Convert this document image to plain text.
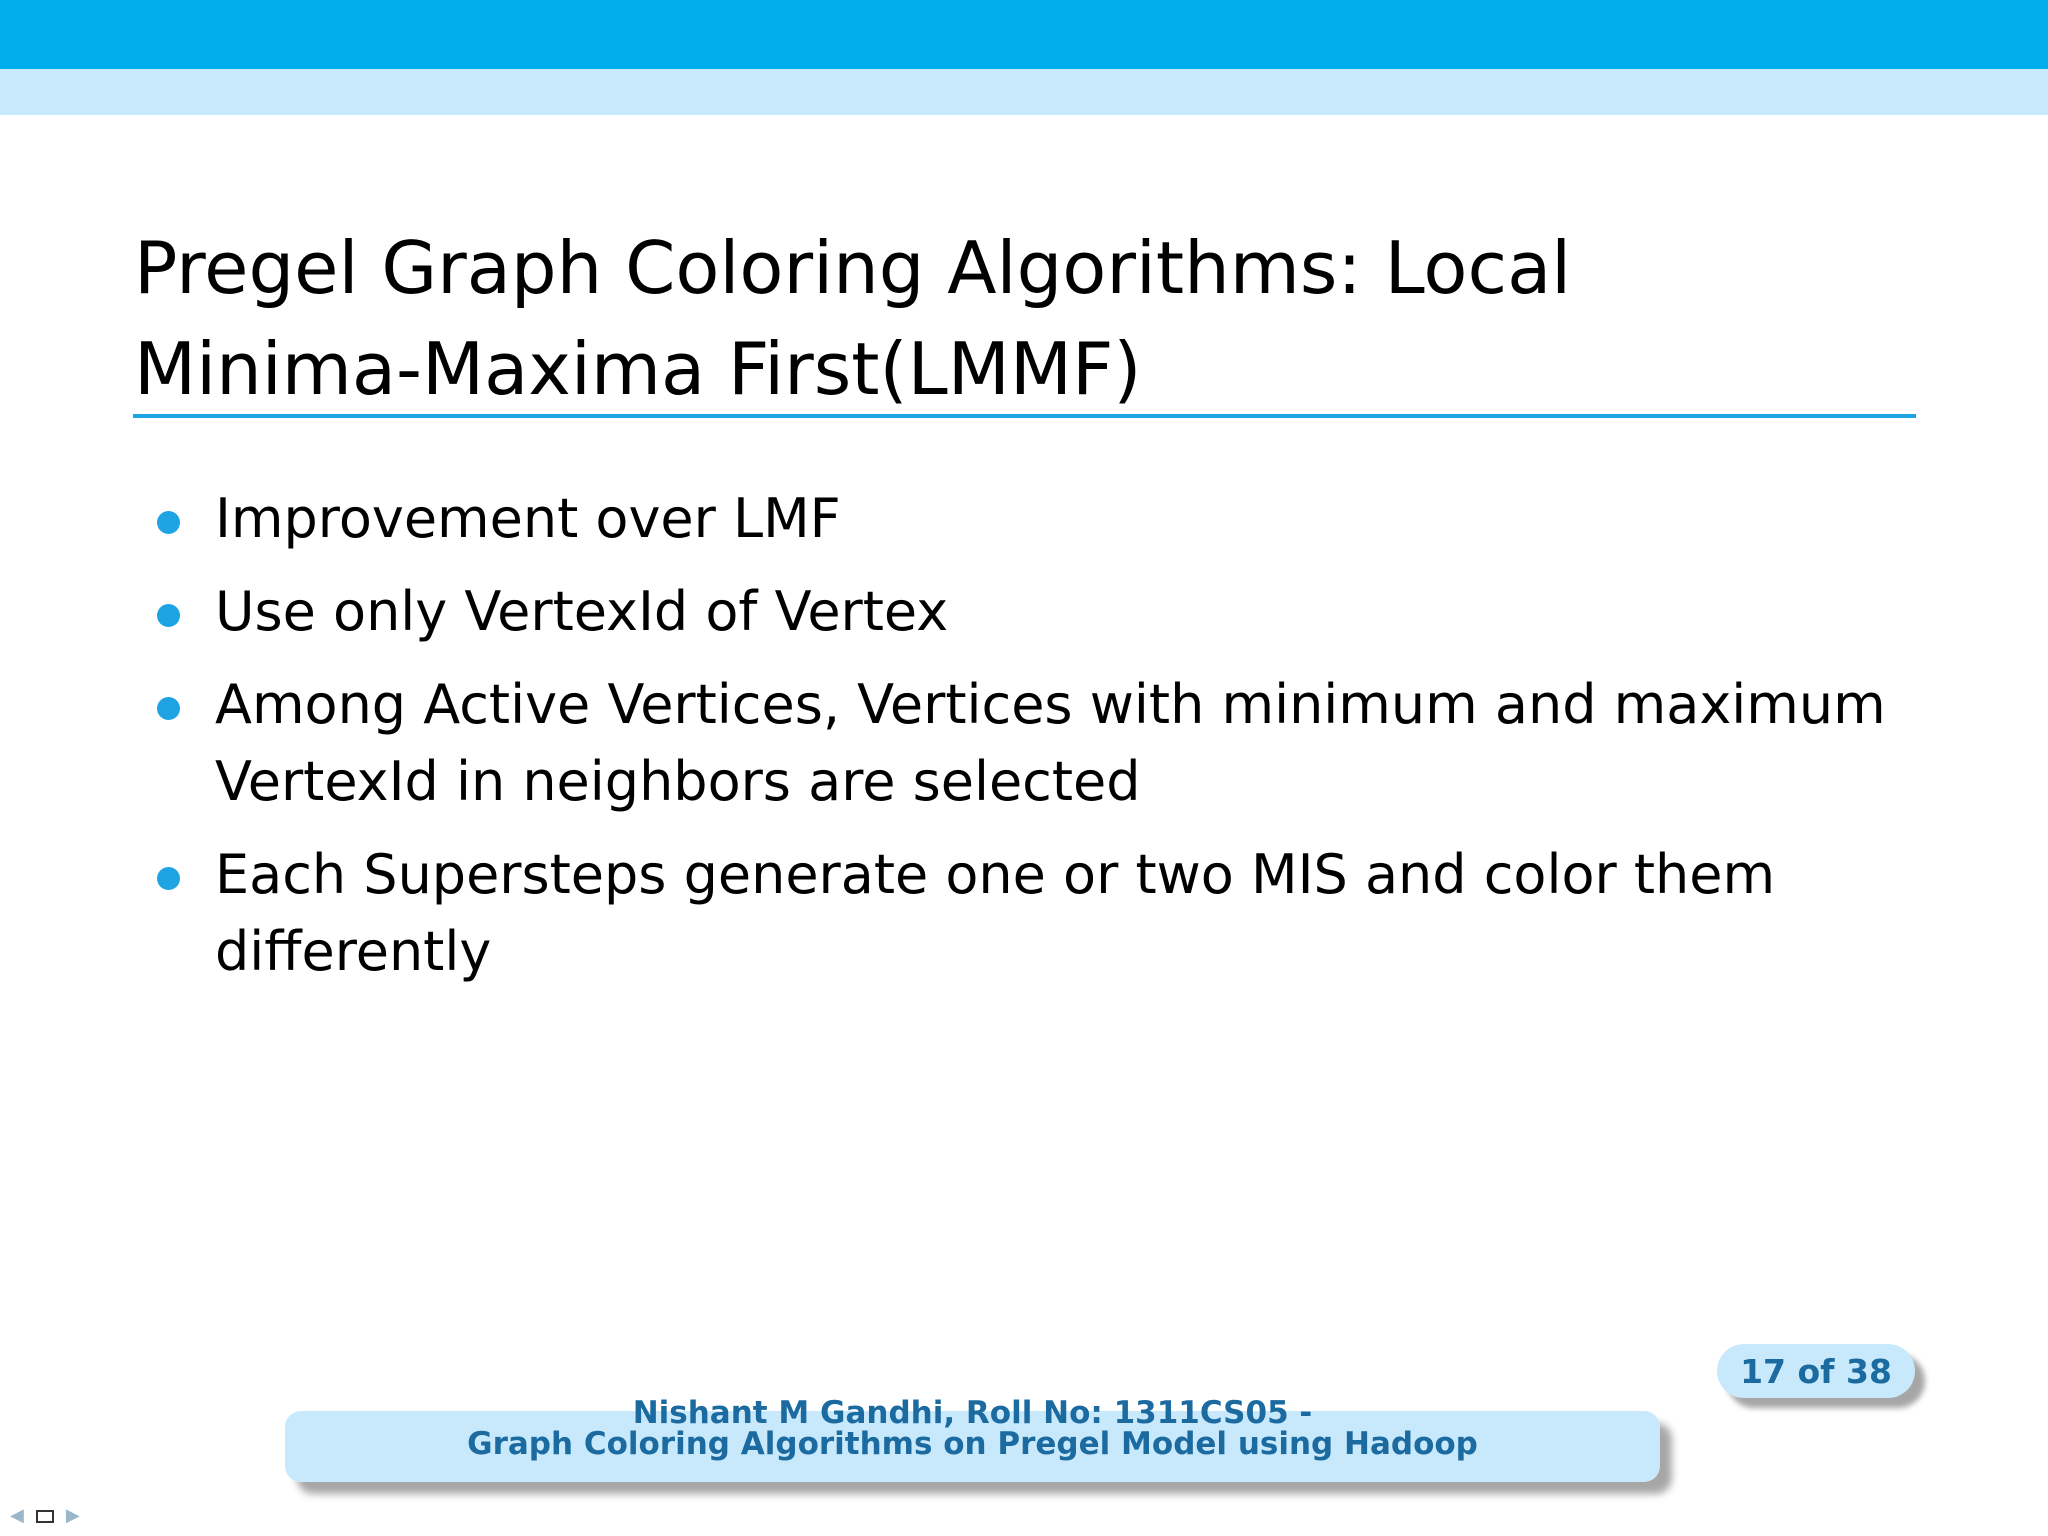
Pregel Graph Coloring Algorithms: Local
Minima-Maxima First(LMMF)
Improvement over LMF
Use only VertexId of Vertex
Among Active Vertices, Vertices with minimum and maximum
VertexId in neighbors are selected
Each Supersteps generate one or two MIS and color them
differently
17 of 38
Nishant M Gandhi, Roll No: 1311CS05 -
Graph Coloring Algorithms on Pregel Model using Hadoop
◀ ▶
